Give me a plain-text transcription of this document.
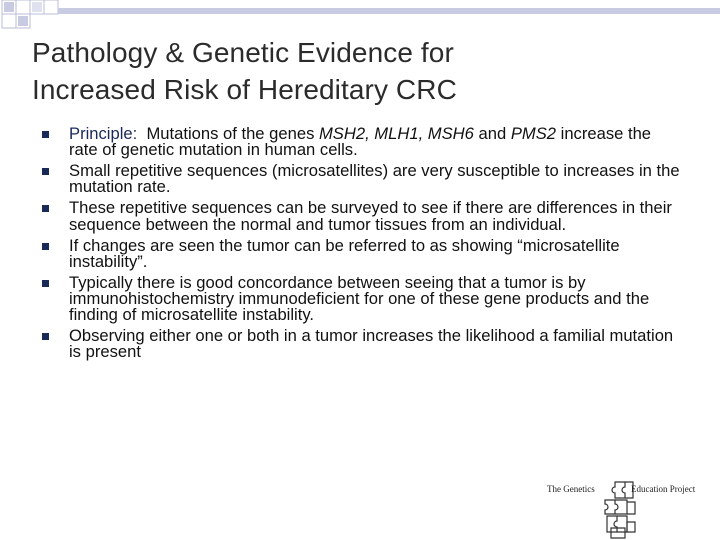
Pathology & Genetic Evidence for
Increased Risk of Hereditary CRC
Principle:  Mutations of the genes MSH2, MLH1, MSH6 and PMS2 increase the rate of genetic mutation in human cells.
Small repetitive sequences (microsatellites) are very susceptible to increases in the mutation rate.
These repetitive sequences can be surveyed to see if there are differences in their sequence between the normal and tumor tissues from an individual.
If changes are seen the tumor can be referred to as showing “microsatellite instability”.
Typically there is good concordance between seeing that a tumor is by immunohistochemistry immunodeficient for one of these gene products and the finding of microsatellite instability.
Observing either one or both in a tumor increases the likelihood a familial mutation is present
The Genetics	Education Project
